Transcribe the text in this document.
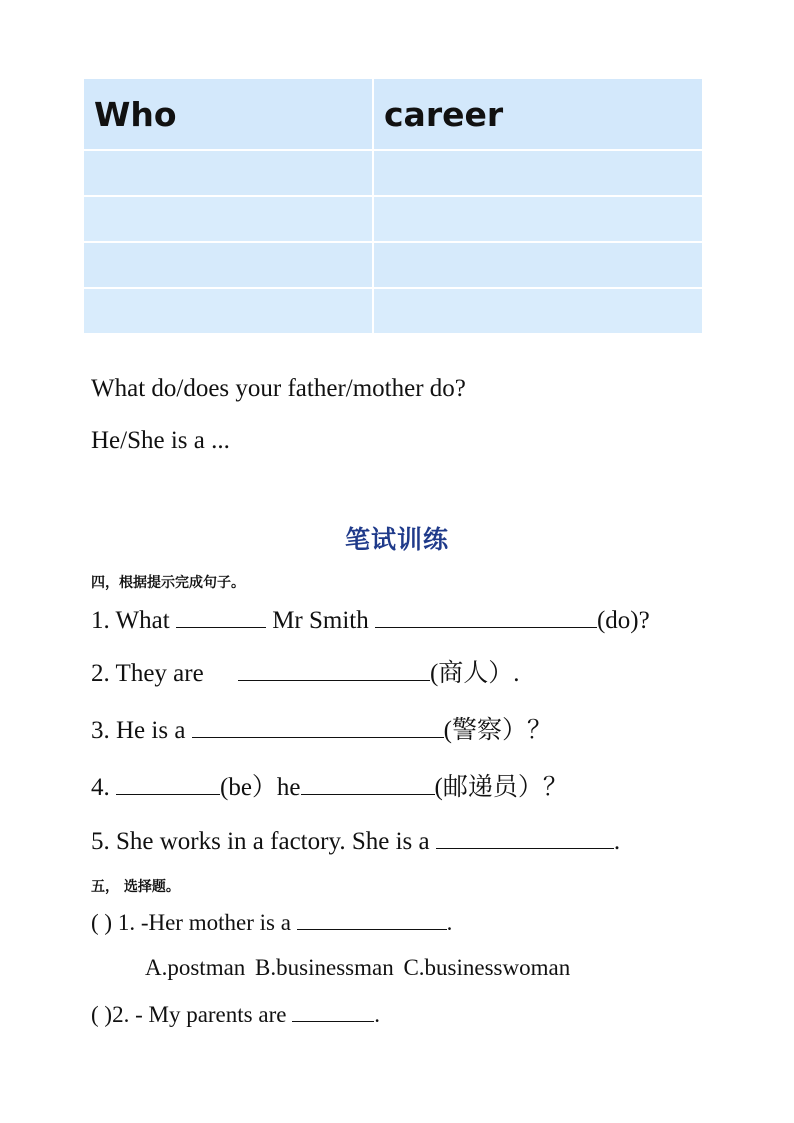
Who	career

What do/does your father/mother do?
He/She is a ...
笔试训练
四，根据提示完成句子。
1. What	Mr Smith	(do)?
2. They are	(商人）.
3. He is a	(警察）？
4.	(be）he	(邮递员）？
5. She works in a factory. She is a	.
五， 选择题。
( ) 1. -Her mother is a	.
A.postman B.businessman C.businesswoman
( )2. - My parents are	.
